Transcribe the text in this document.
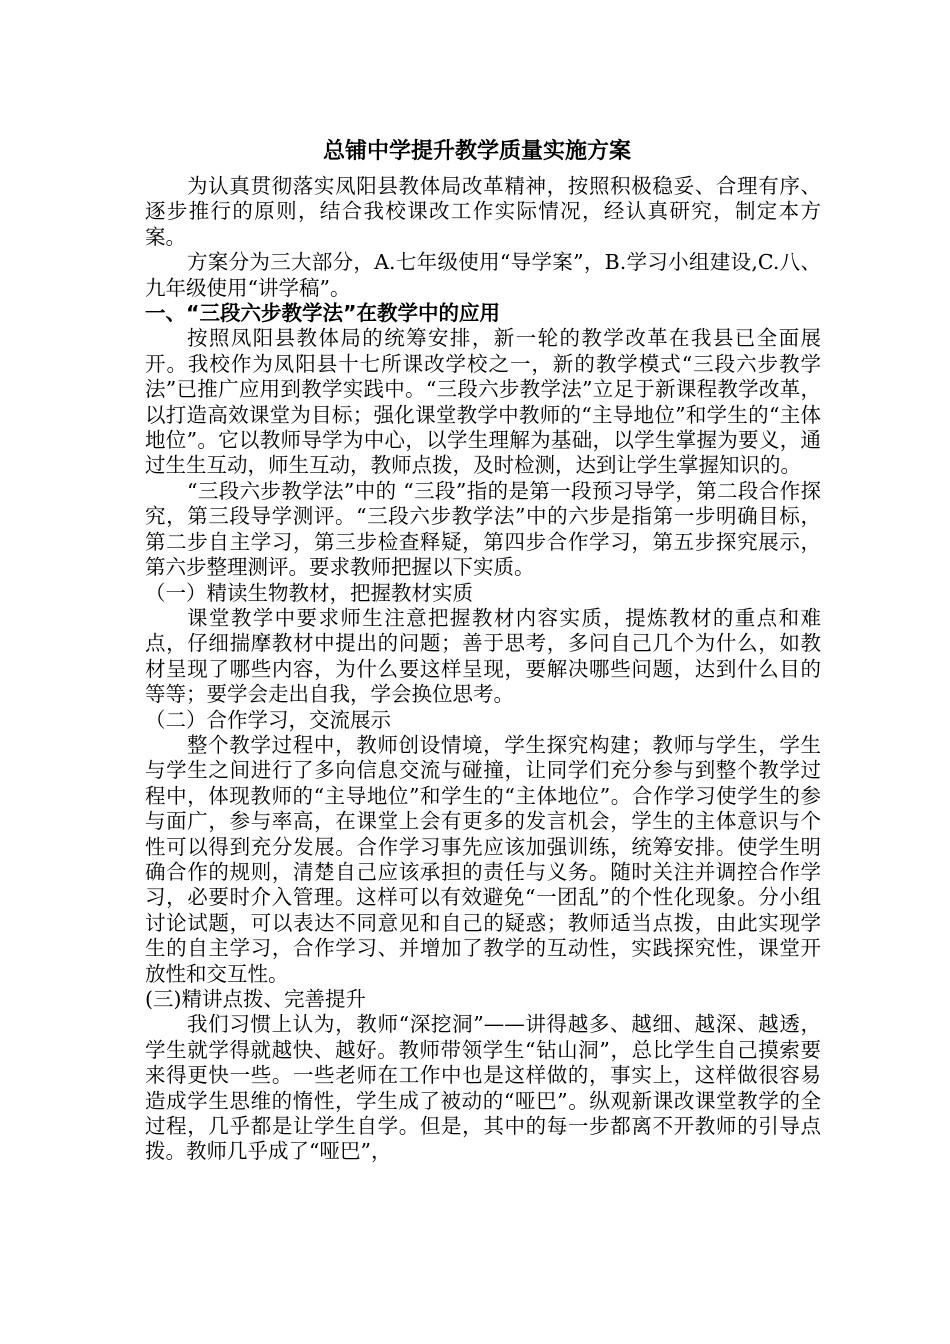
总铺中学提升教学质量实施方案

为认真贯彻落实凤阳县教体局改革精神，按照积极稳妥、合理有序、逐步推行的原则，结合我校课改工作实际情况，经认真研究，制定本方案。

方案分为三大部分，A.七年级使用“导学案”，B.学习小组建设,C.八、九年级使用“讲学稿”。

一、“三段六步教学法”在教学中的应用

按照凤阳县教体局的统筹安排，新一轮的教学改革在我县已全面展开。我校作为凤阳县十七所课改学校之一，新的教学模式“三段六步教学法”已推广应用到教学实践中。“三段六步教学法”立足于新课程教学改革，以打造高效课堂为目标；强化课堂教学中教师的“主导地位”和学生的“主体地位”。它以教师导学为中心，以学生理解为基础，以学生掌握为要义，通过生生互动，师生互动，教师点拨，及时检测，达到让学生掌握知识的。

“三段六步教学法”中的 “三段”指的是第一段预习导学，第二段合作探究，第三段导学测评。“三段六步教学法”中的六步是指第一步明确目标，第二步自主学习，第三步检查释疑，第四步合作学习，第五步探究展示，第六步整理测评。要求教师把握以下实质。

（一）精读生物教材，把握教材实质

课堂教学中要求师生注意把握教材内容实质，提炼教材的重点和难点，仔细揣摩教材中提出的问题；善于思考，多问自己几个为什么，如教材呈现了哪些内容，为什么要这样呈现，要解决哪些问题，达到什么目的等等；要学会走出自我，学会换位思考。

（二）合作学习，交流展示

整个教学过程中，教师创设情境，学生探究构建；教师与学生，学生与学生之间进行了多向信息交流与碰撞，让同学们充分参与到整个教学过程中，体现教师的“主导地位”和学生的“主体地位”。合作学习使学生的参与面广，参与率高，在课堂上会有更多的发言机会，学生的主体意识与个性可以得到充分发展。合作学习事先应该加强训练，统筹安排。使学生明确合作的规则，清楚自己应该承担的责任与义务。随时关注并调控合作学习，必要时介入管理。这样可以有效避免“一团乱”的个性化现象。分小组讨论试题，可以表达不同意见和自己的疑惑；教师适当点拨，由此实现学生的自主学习，合作学习、并增加了教学的互动性，实践探究性，课堂开放性和交互性。

(三)精讲点拨、完善提升

我们习惯上认为，教师“深挖洞”——讲得越多、越细、越深、越透，学生就学得就越快、越好。教师带领学生“钻山洞”，总比学生自己摸索要来得更快一些。一些老师在工作中也是这样做的，事实上，这样做很容易造成学生思维的惰性，学生成了被动的“哑巴”。纵观新课改课堂教学的全过程，几乎都是让学生自学。但是，其中的每一步都离不开教师的引导点拨。教师几乎成了“哑巴”，
